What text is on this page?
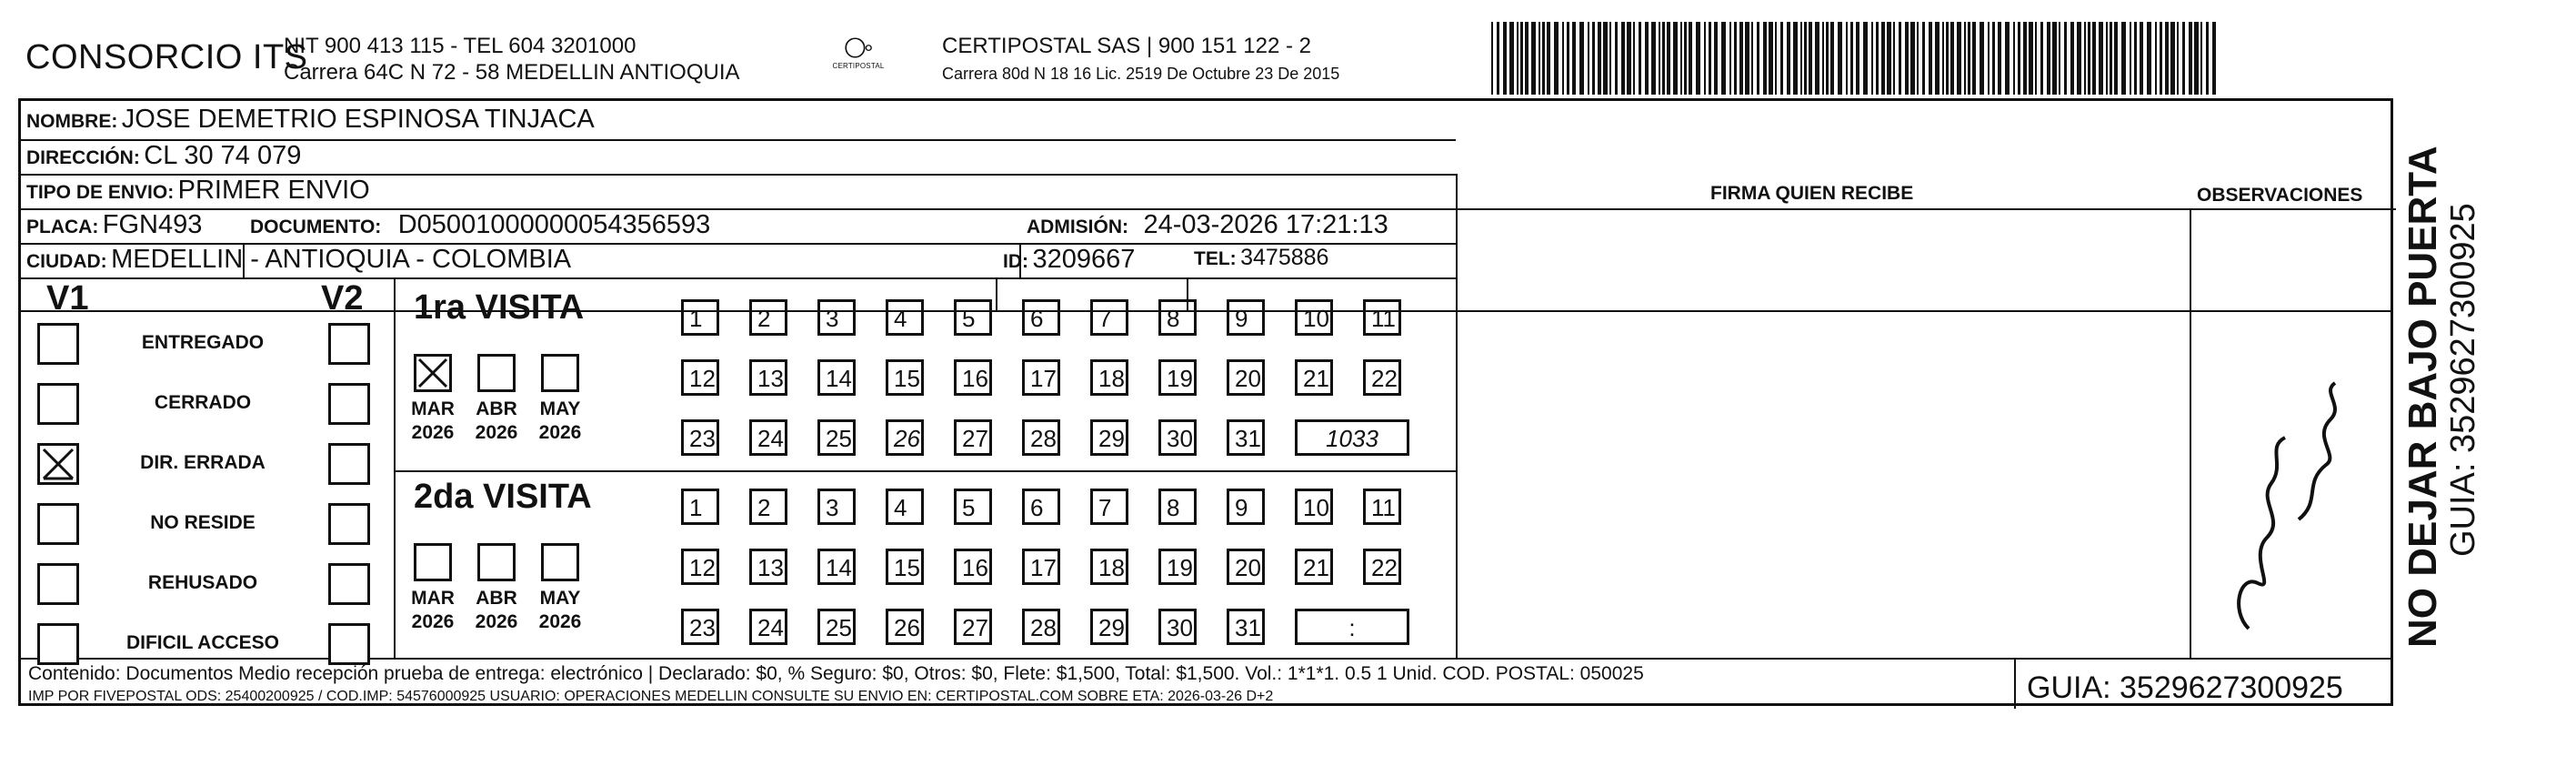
CONSORCIO ITS
NIT 900 413 115 - TEL 604 3201000
Carrera 64C N 72 - 58 MEDELLIN ANTIOQUIA
⧂
CERTIPOSTAL
CERTIPOSTAL SAS | 900 151 122 - 2
Carrera 80d N 18 16 Lic. 2519 De Octubre 23 De 2015
NOMBRE: JOSE DEMETRIO ESPINOSA TINJACA
DIRECCIÓN: CL 30 74 079
TIPO DE ENVIO: PRIMER ENVIO	FIRMA QUIEN RECIBE	OBSERVACIONES
PLACA: FGN493	DOCUMENTO: D05001000000054356593	ADMISIÓN: 24-03-2026 17:21:13
CIUDAD: MEDELLIN - ANTIOQUIA - COLOMBIA	ID: 3209667	TEL: 3475886
V1	V2
ENTREGADO
CERRADO
DIR. ERRADA
NO RESIDE
REHUSADO
DIFICIL ACCESO
1ra VISITA
2da VISITA
MAR
2026
ABR
2026
MAY
2026
1	2	3	4	5	6	7	8	9	10	11
12	13	14	15	16	17	18	19	20	21	22
23	24	25	26	27	28	29	30	31	1033
MAR
2026
ABR
2026
MAY
2026
1	2	3	4	5	6	7	8	9	10	11
12	13	14	15	16	17	18	19	20	21	22
23	24	25	26	27	28	29	30	31	:
Contenido: Documentos Medio recepción prueba de entrega: electrónico | Declarado: $0, % Seguro: $0, Otros: $0, Flete: $1,500, Total: $1,500. Vol.: 1*1*1. 0.5 1 Unid. COD. POSTAL: 050025
IMP POR FIVEPOSTAL ODS: 25400200925 / COD.IMP: 54576000925 USUARIO: OPERACIONES MEDELLIN CONSULTE SU ENVIO EN: CERTIPOSTAL.COM SOBRE ETA: 2026-03-26 D+2	GUIA: 3529627300925
NO DEJAR BAJO PUERTA GUIA: 3529627300925
